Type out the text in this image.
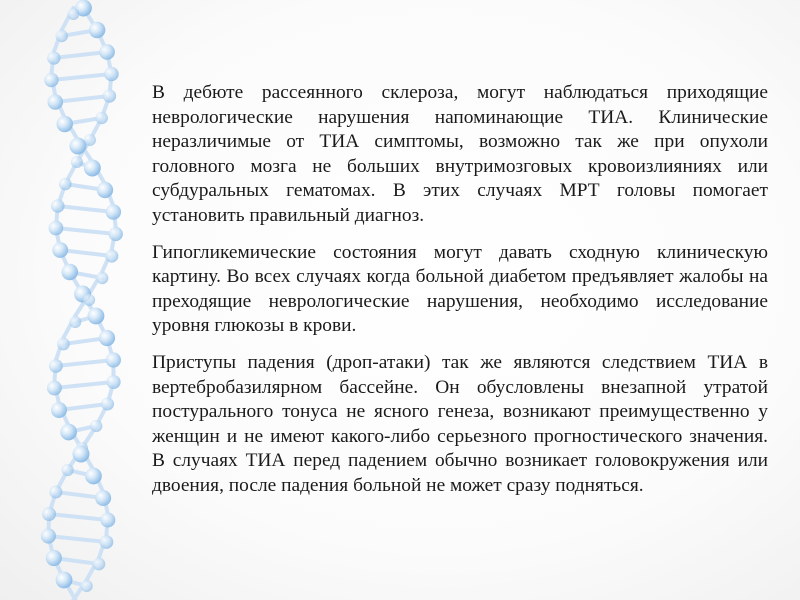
В дебюте рассеянного склероза, могут наблюдаться приходящие неврологические нарушения напоминающие ТИА. Клинические неразличимые от ТИА симптомы, возможно так же при опухоли головного мозга не больших внутримозговых кровоизлияниях или субдуральных гематомах. В этих случаях МРТ головы помогает установить правильный диагноз.

Гипогликемические состояния могут давать сходную клиническую картину. Во всех случаях когда больной диабетом предъявляет жалобы на преходящие неврологические нарушения, необходимо исследование уровня глюкозы в крови.

Приступы падения (дроп-атаки) так же являются следствием ТИА в вертебробазилярном бассейне. Он обусловлены внезапной утратой постурального тонуса не ясного генеза, возникают преимущественно у женщин и не имеют какого-либо серьезного прогностического значения. В случаях ТИА перед падением обычно возникает головокружения или двоения, после падения больной не может сразу подняться.
